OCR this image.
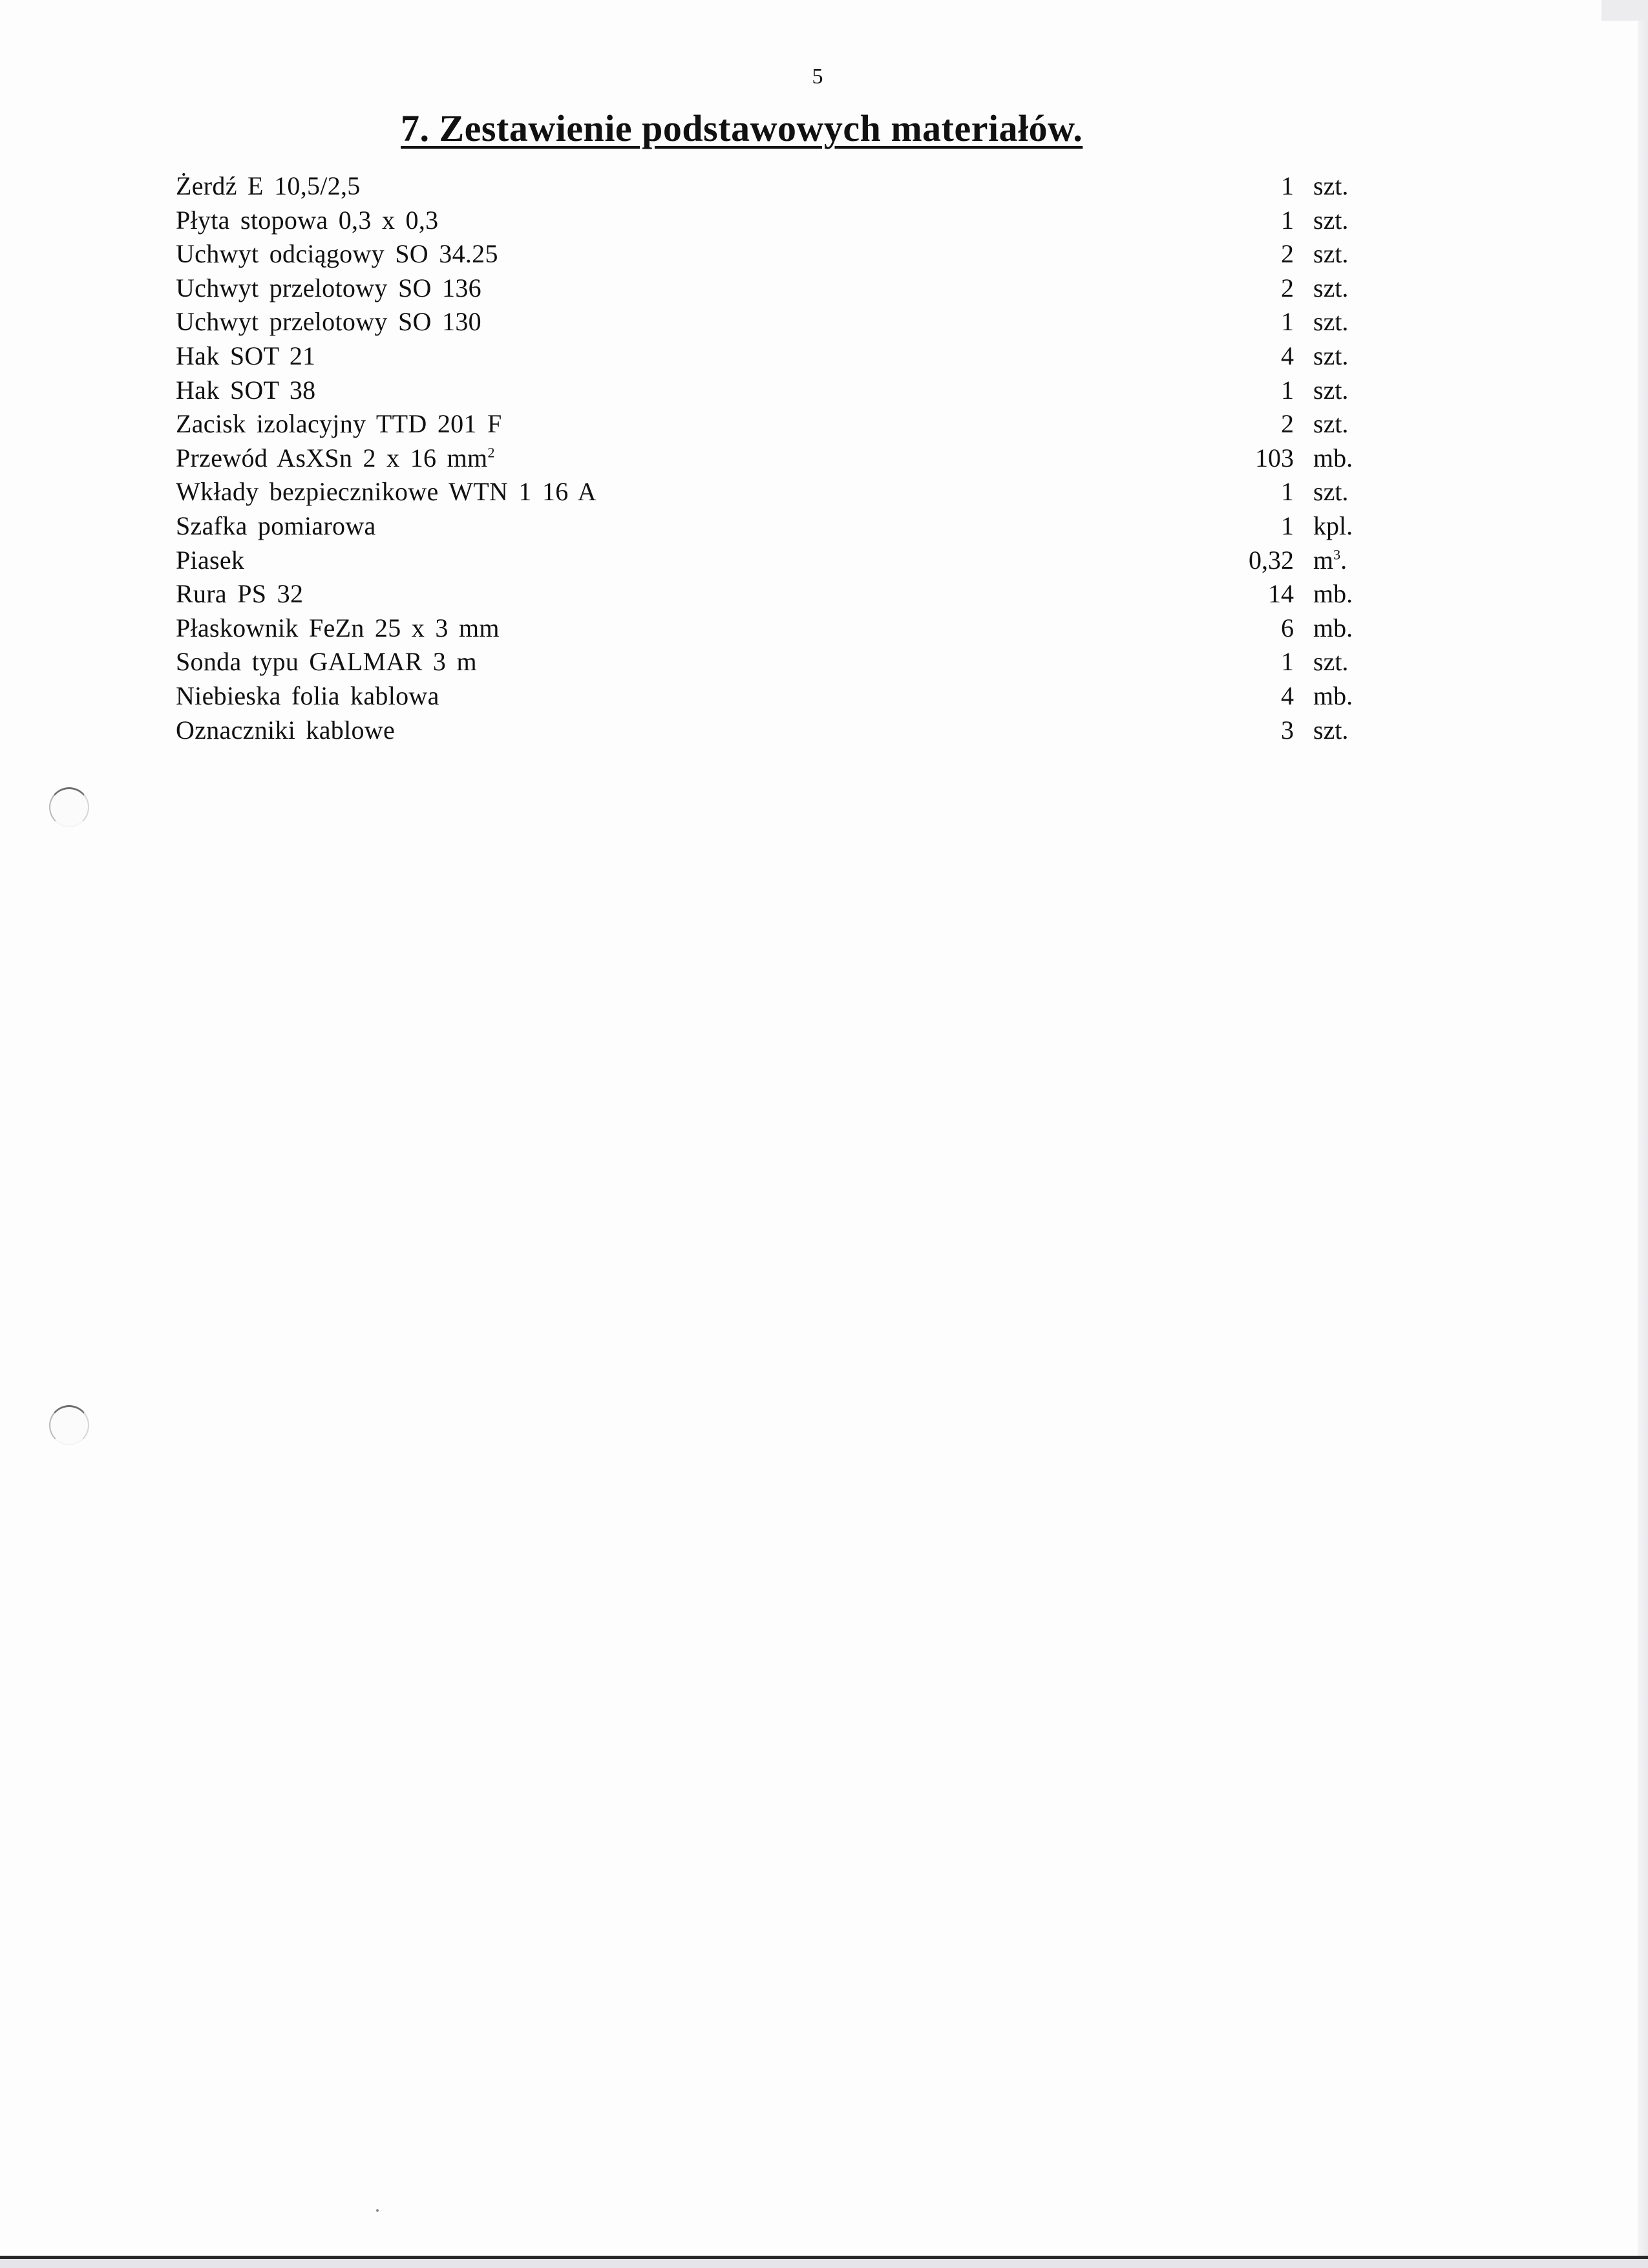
5
7. Zestawienie podstawowych materiałów.
Żerdź E 10,5/2,5	1 szt.
Płyta stopowa 0,3 x 0,3	1 szt.
Uchwyt odciągowy SO 34.25	2 szt.
Uchwyt przelotowy SO 136	2 szt.
Uchwyt przelotowy SO 130	1 szt.
Hak SOT 21	4 szt.
Hak SOT 38	1 szt.
Zacisk izolacyjny TTD 201 F	2 szt.
Przewód AsXSn 2 x 16 $mm^2$	103 mb.
Wkłady bezpiecznikowe WTN 1 16 A	1 szt.
Szafka pomiarowa	1 kpl.
Piasek	0,32 $m^3$.
Rura PS 32	14 mb.
Płaskownik FeZn 25 x 3 mm	6 mb.
Sonda typu GALMAR 3 m	1 szt.
Niebieska folia kablowa	4 mb.
Oznaczniki kablowe	3 szt.
